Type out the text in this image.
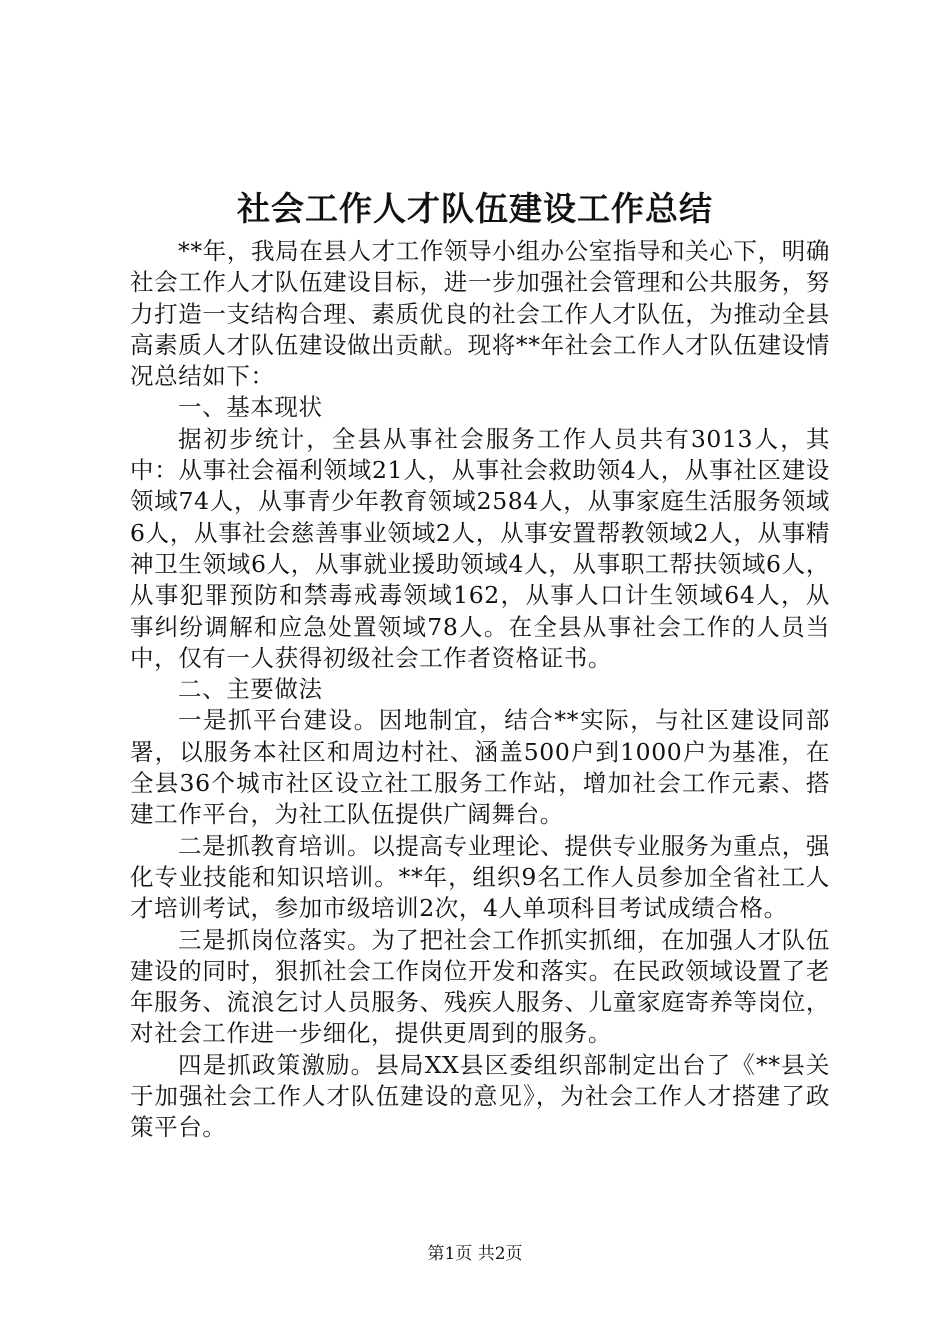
社会工作人才队伍建设工作总结

**年，我局在县人才工作领导小组办公室指导和关心下，明确社会工作人才队伍建设目标，进一步加强社会管理和公共服务，努力打造一支结构合理、素质优良的社会工作人才队伍，为推动全县高素质人才队伍建设做出贡献。现将**年社会工作人才队伍建设情况总结如下：

一、基本现状

据初步统计，全县从事社会服务工作人员共有3013人，其中：从事社会福利领域21人，从事社会救助领4人，从事社区建设领域74人，从事青少年教育领域2584人，从事家庭生活服务领域6人，从事社会慈善事业领域2人，从事安置帮教领域2人，从事精神卫生领域6人，从事就业援助领域4人，从事职工帮扶领域6人，从事犯罪预防和禁毒戒毒领域162，从事人口计生领域64人，从事纠纷调解和应急处置领域78人。在全县从事社会工作的人员当中，仅有一人获得初级社会工作者资格证书。

二、主要做法

一是抓平台建设。因地制宜，结合**实际，与社区建设同部署，以服务本社区和周边村社、涵盖500户到1000户为基准，在全县36个城市社区设立社工服务工作站，增加社会工作元素、搭建工作平台，为社工队伍提供广阔舞台。

二是抓教育培训。以提高专业理论、提供专业服务为重点，强化专业技能和知识培训。**年，组织9名工作人员参加全省社工人才培训考试，参加市级培训2次，4人单项科目考试成绩合格。

三是抓岗位落实。为了把社会工作抓实抓细，在加强人才队伍建设的同时，狠抓社会工作岗位开发和落实。在民政领域设置了老年服务、流浪乞讨人员服务、残疾人服务、儿童家庭寄养等岗位，对社会工作进一步细化，提供更周到的服务。

四是抓政策激励。县局XX县区委组织部制定出台了《**县关于加强社会工作人才队伍建设的意见》，为社会工作人才搭建了政策平台。

第1页 共2页
